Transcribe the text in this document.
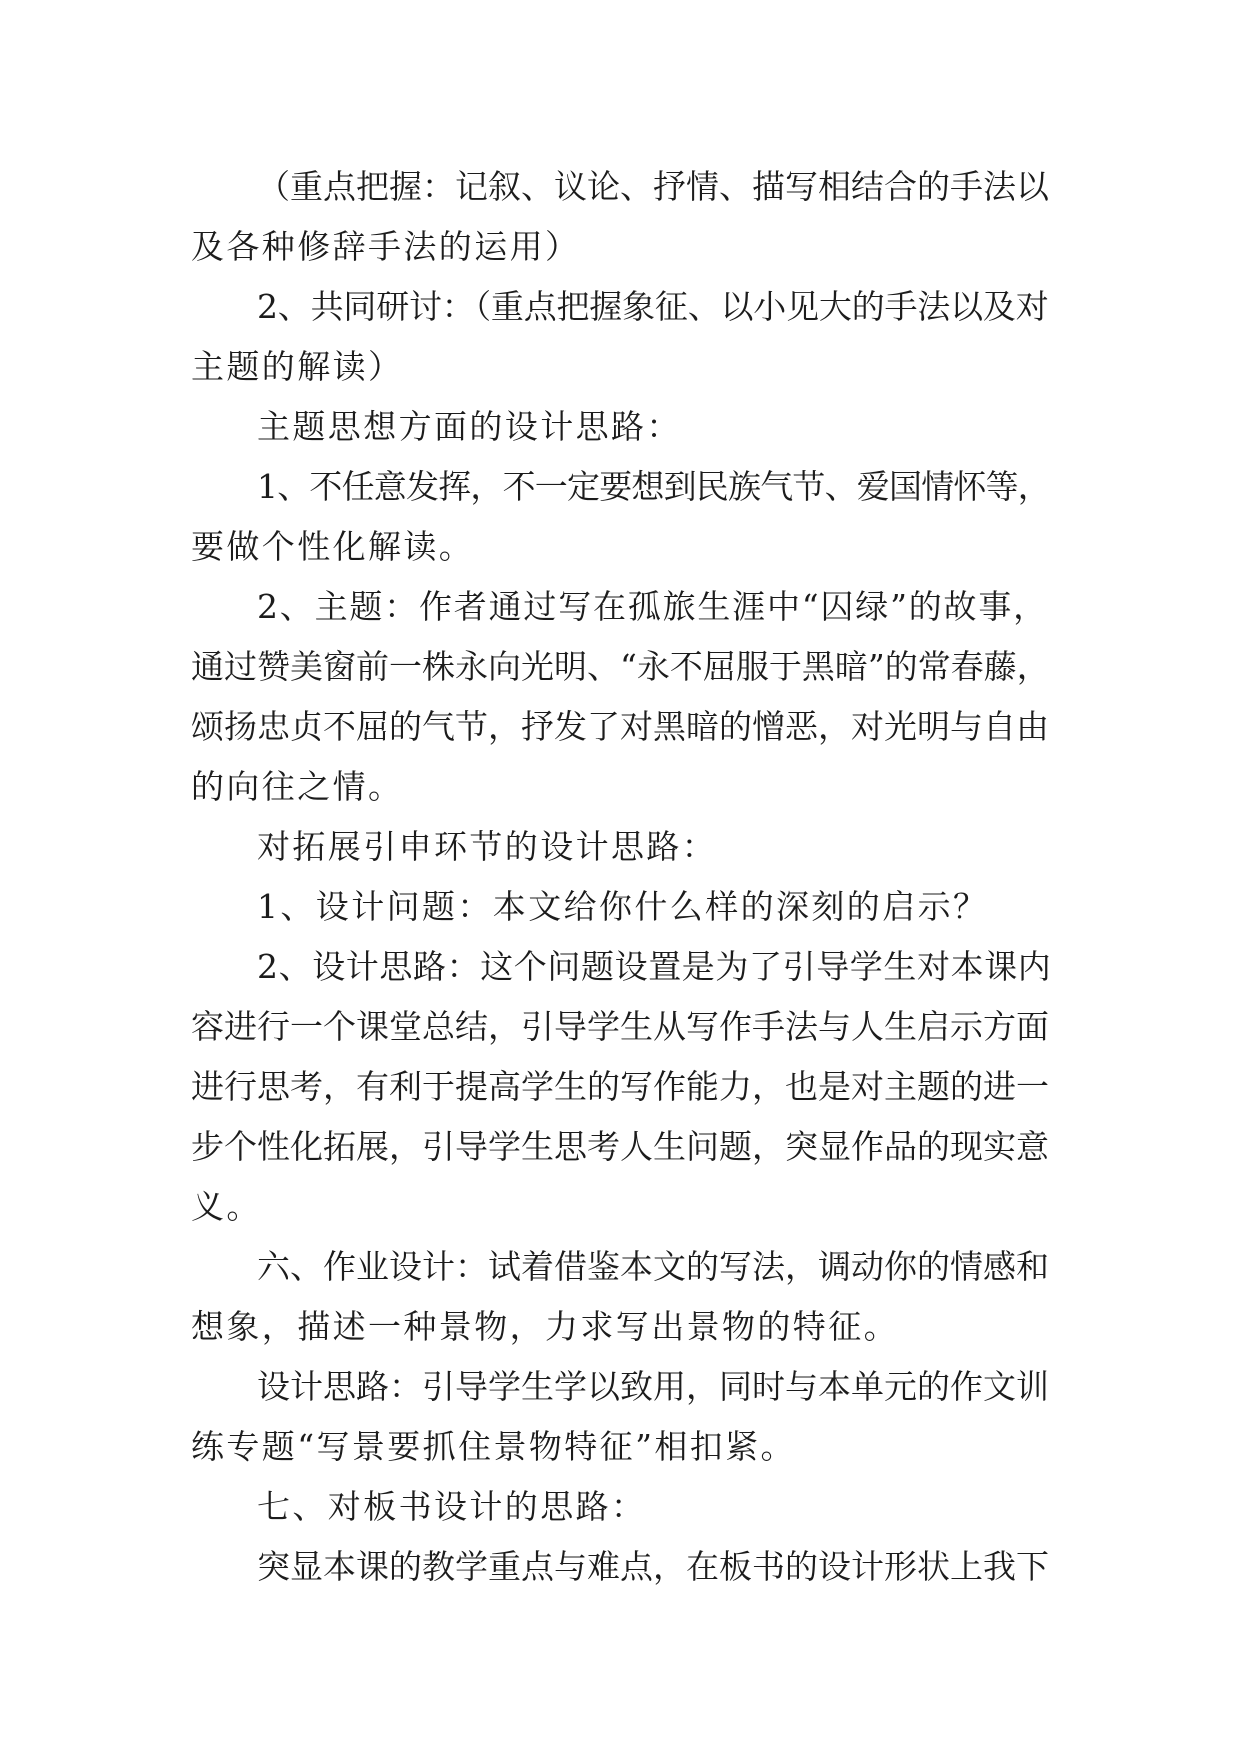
（重点把握：记叙、议论、抒情、描写相结合的手法以
及各种修辞手法的运用）
2、共同研讨：（重点把握象征、以小见大的手法以及对
主题的解读）
主题思想方面的设计思路：
1、不任意发挥，不一定要想到民族气节、爱国情怀等，
要做个性化解读。
2、主题：作者通过写在孤旅生涯中“囚绿”的故事，
通过赞美窗前一株永向光明、“永不屈服于黑暗”的常春藤，
颂扬忠贞不屈的气节，抒发了对黑暗的憎恶，对光明与自由
的向往之情。
对拓展引申环节的设计思路：
1、设计问题：本文给你什么样的深刻的启示？
2、设计思路：这个问题设置是为了引导学生对本课内
容进行一个课堂总结，引导学生从写作手法与人生启示方面
进行思考，有利于提高学生的写作能力，也是对主题的进一
步个性化拓展，引导学生思考人生问题，突显作品的现实意
义。
六、作业设计：试着借鉴本文的写法，调动你的情感和
想象，描述一种景物，力求写出景物的特征。
设计思路：引导学生学以致用，同时与本单元的作文训
练专题“写景要抓住景物特征”相扣紧。
七、对板书设计的思路：
突显本课的教学重点与难点，在板书的设计形状上我下
